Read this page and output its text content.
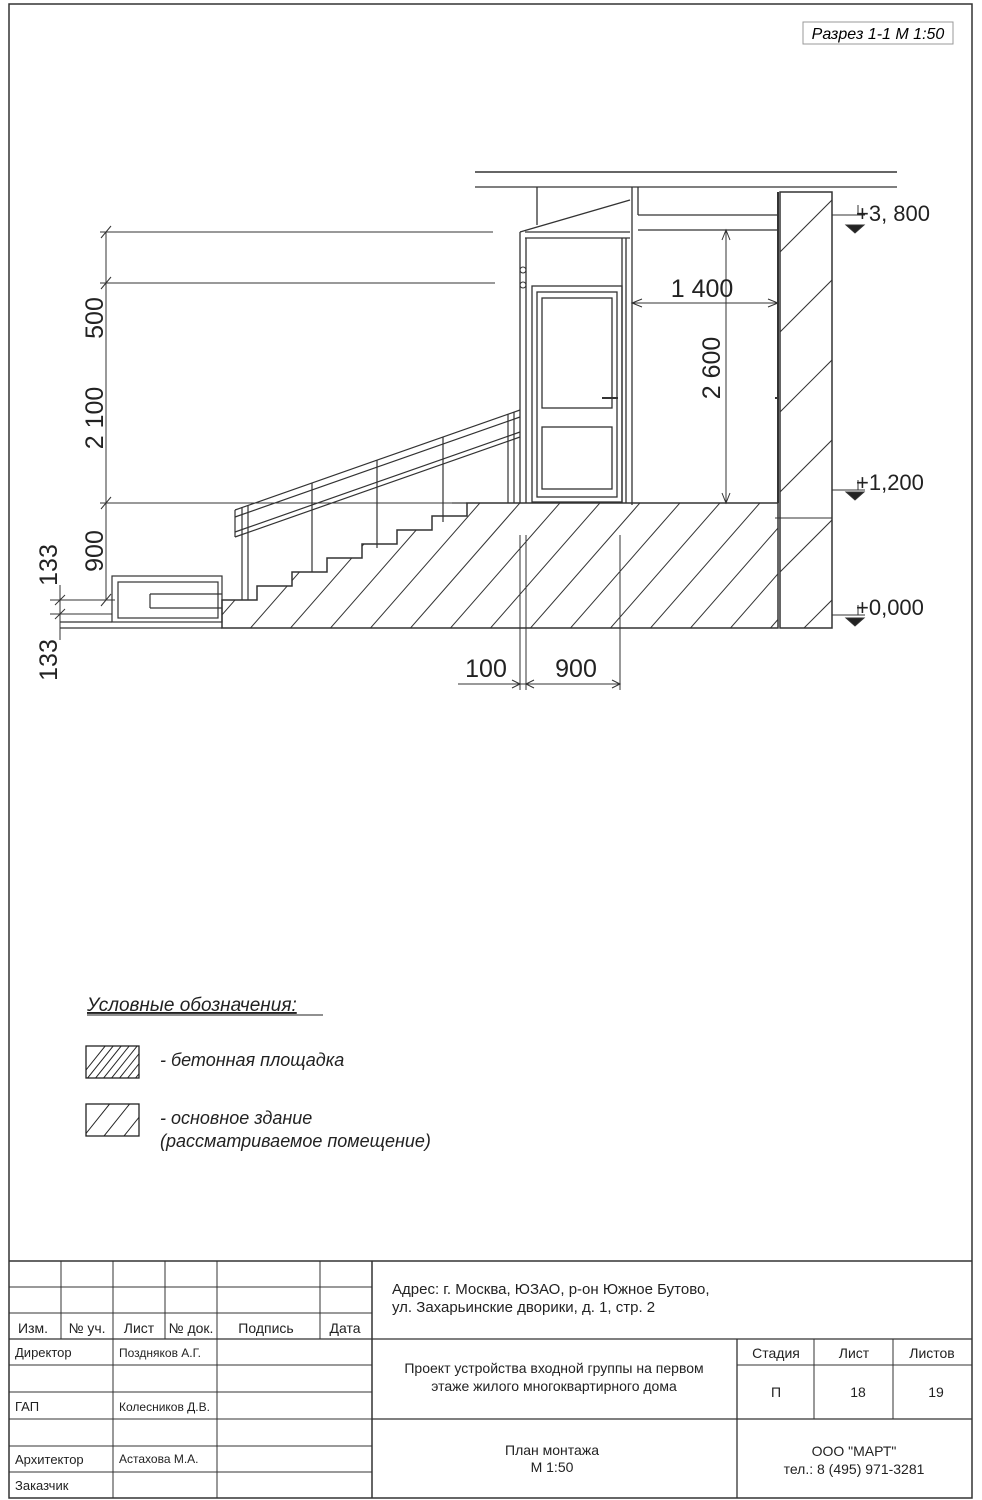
Разрез 1-1 М 1:50
500
2 100
900
133
133	100 900
1 400
2 600
+3, 800
+1,200
+0,000
Условные обозначения:
- бетонная площадка
- основное здание
(рассматриваемое помещение)
Изм. № уч. Лист № док. Подпись	Дата
Директор	Поздняков А.Г.
ГАП	Колесников Д.В.
Архитектор	Астахова М.А.
Заказчик
Адрес: г. Москва, ЮЗАО, р-он Южное Бутово,
ул. Захарьинские дворики, д. 1, стр. 2
Проект устройства входной группы на первом
этаже жилого многоквартирного дома
Стадия	Лист	Листов
П	18	19
План монтажа
М 1:50
ООО "МАРТ"
тел.: 8 (495) 971-3281
